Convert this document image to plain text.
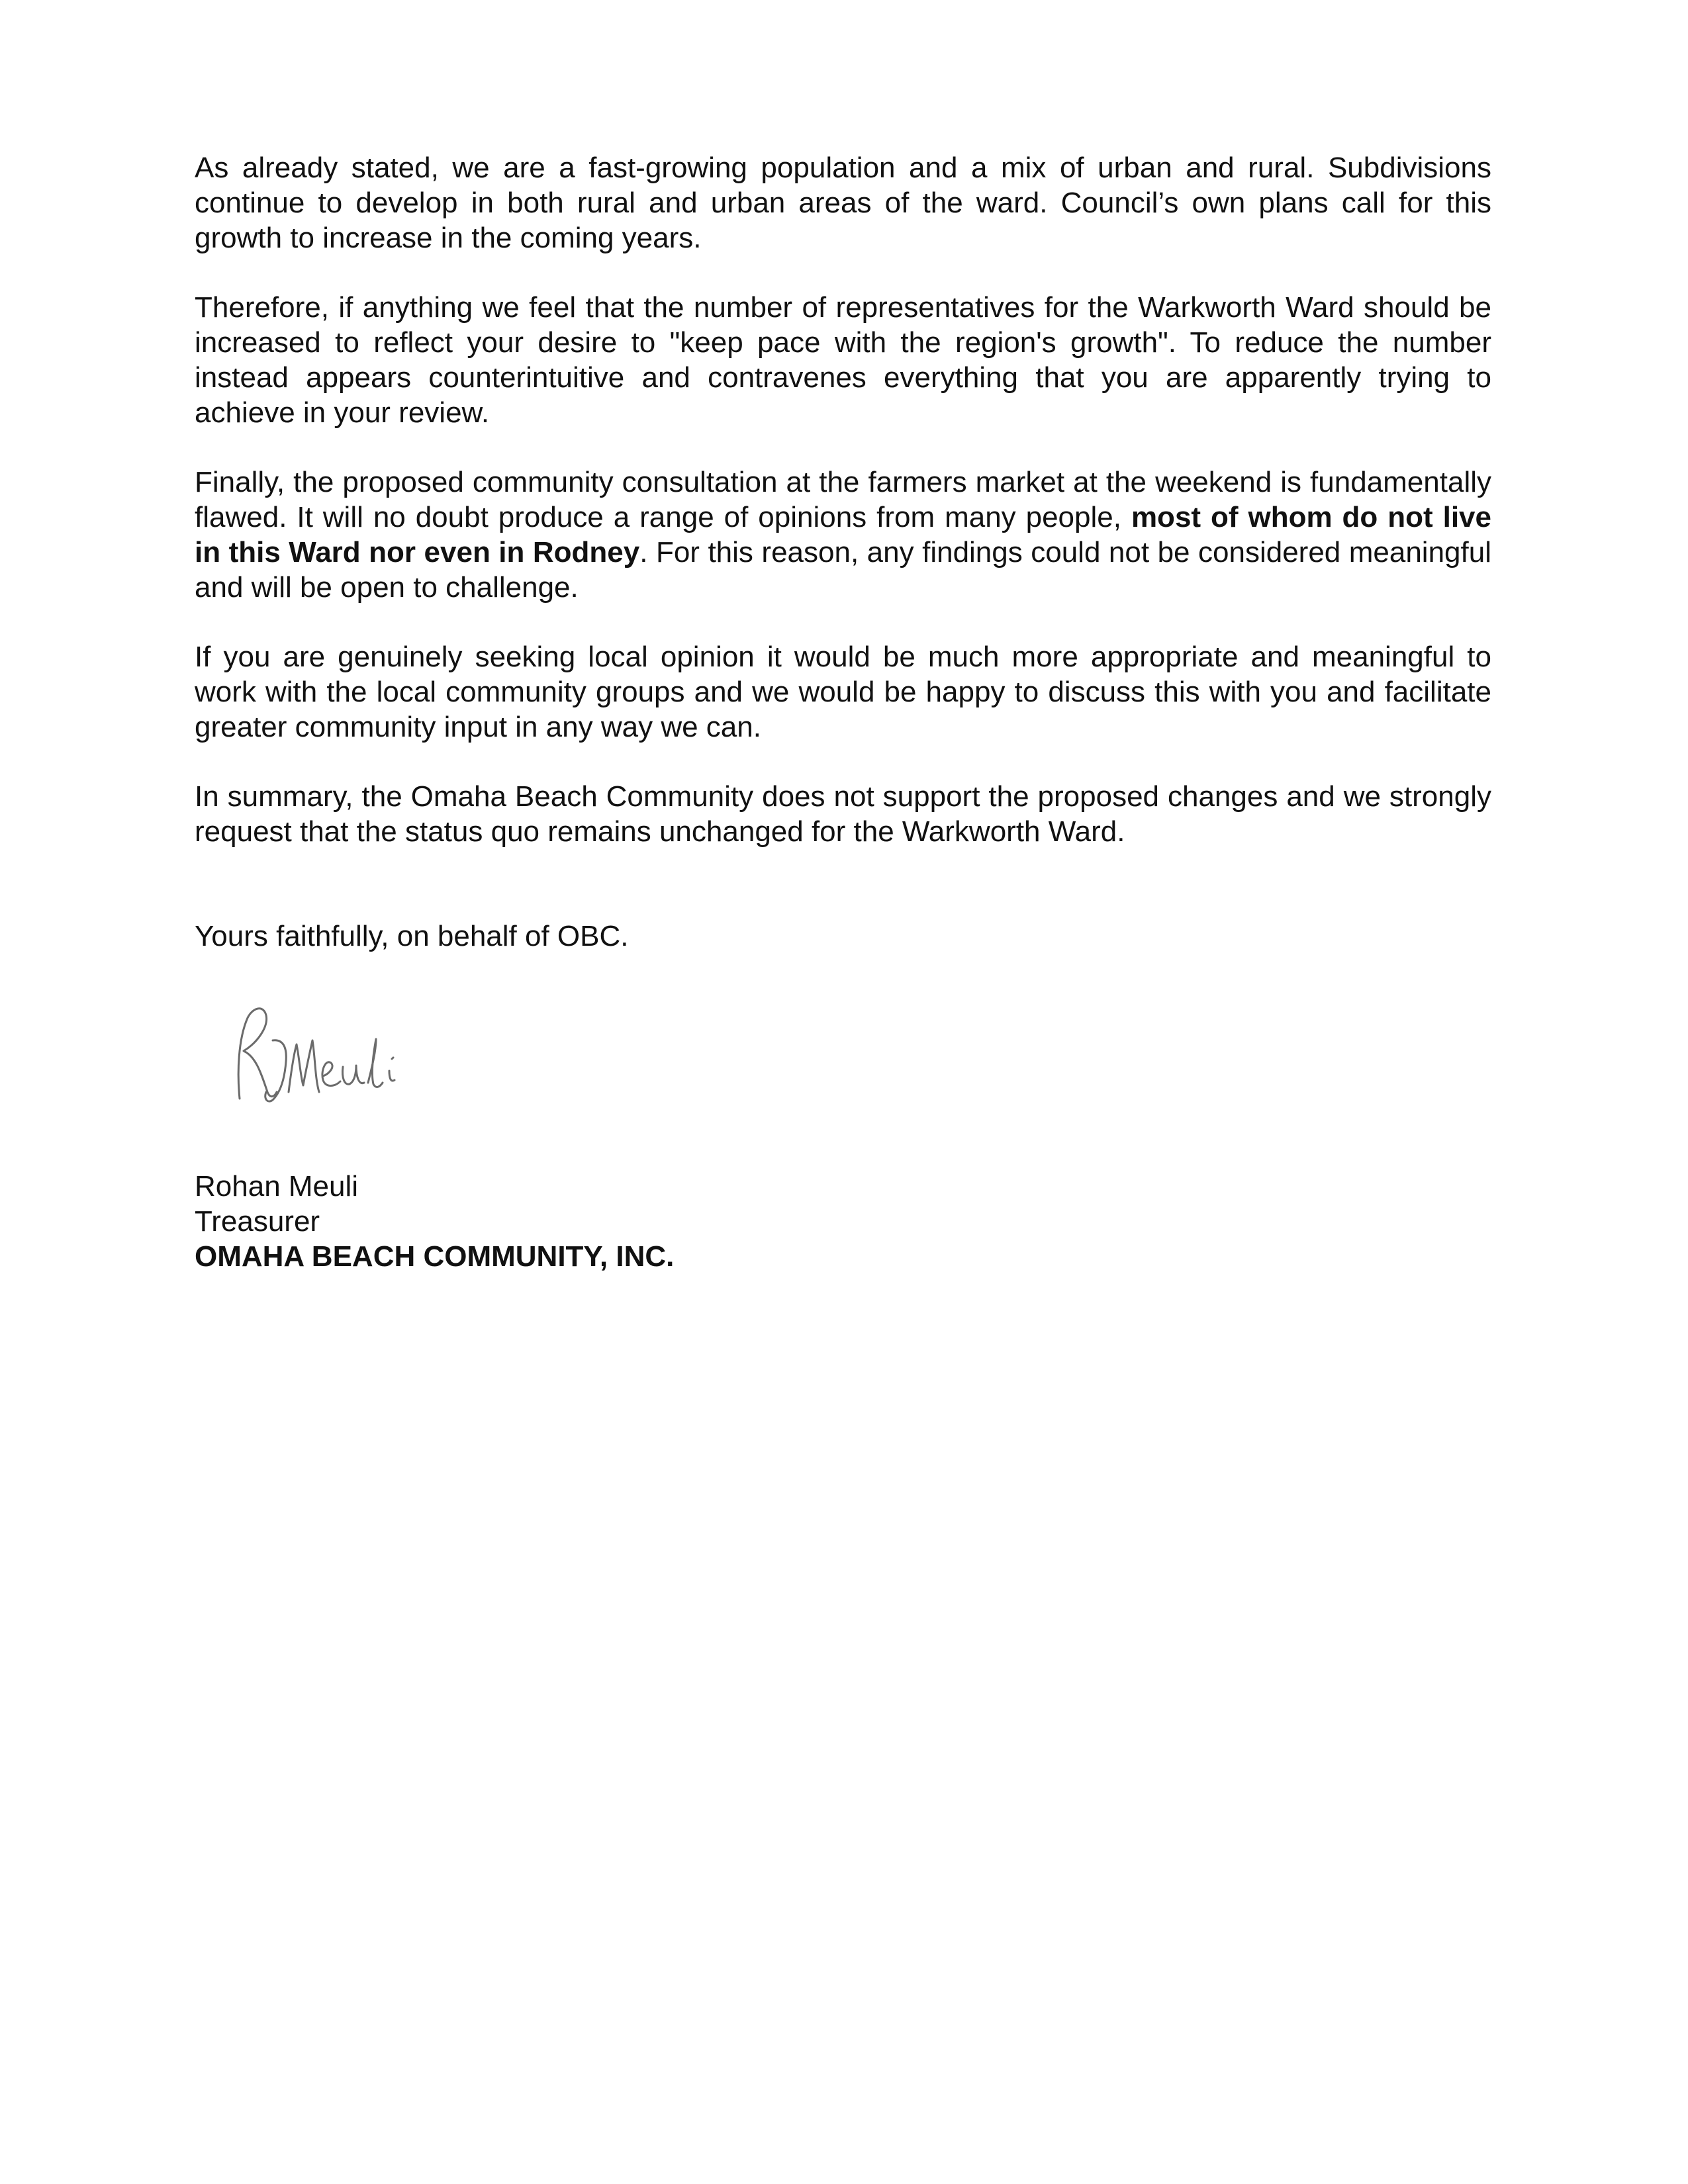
As already stated, we are a fast-growing population and a mix of urban and rural. Subdivisions continue to develop in both rural and urban areas of the ward. Council’s own plans call for this growth to increase in the coming years.

Therefore, if anything we feel that the number of representatives for the Warkworth Ward should be increased to reflect your desire to "keep pace with the region's growth". To reduce the number instead appears counterintuitive and contravenes everything that you are apparently trying to achieve in your review.

Finally, the proposed community consultation at the farmers market at the weekend is fundamentally flawed. It will no doubt produce a range of opinions from many people, most of whom do not live in this Ward nor even in Rodney. For this reason, any findings could not be considered meaningful and will be open to challenge.

If you are genuinely seeking local opinion it would be much more appropriate and meaningful to work with the local community groups and we would be happy to discuss this with you and facilitate greater community input in any way we can.

In summary, the Omaha Beach Community does not support the proposed changes and we strongly request that the status quo remains unchanged for the Warkworth Ward.

Yours faithfully, on behalf of OBC.

Rohan Meuli
Treasurer
OMAHA BEACH COMMUNITY, INC.
